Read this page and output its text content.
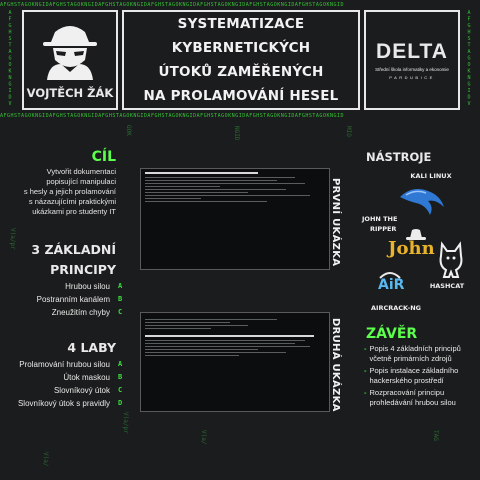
AFGHSTAGOKNGIDAFGHSTAGOKNGIDAFGHSTAGOKNGIDAFGHSTAGOKNGIDAFGHSTAGOKNGIDAFGHSTAGOKNGIDAFGHSTAGOKNGID
AFGHSTAGOKNGIDAFGHSTAGOKNGIDAFGHSTAGOKNGIDAFGHSTAGOKNGIDAFGHSTAGOKNGIDAFGHSTAGOKNGIDAFGHSTAGOKNGID
AFGHSTAGOKNGIDV	AFGHSTAGOKNGIDV
GOK
V(a/pr
MIO
NGID
V(a/
TAG
V(a/
V(a/pr
VOJTĚCH ŽÁK
SYSTEMATIZACE KYBERNETICKÝCH
ÚTOKŮ ZAMĚŘENÝCH
NA PROLAMOVÁNÍ HESEL
DELTA
Střední škola informatiky a ekonomie
PARDUBICE
CÍL
Vytvořit dokumentaci
popisující manipulaci
s hesly a jejich prolamování
s názazujícími praktickými
ukázkami pro studenty IT
3 ZÁKLADNÍ
PRINCIPY
Hrubou silou A
Postranním kanálem B
Zneužitím chyby C
4 LABY
Prolamování hrubou silou A
Útok maskou B
Slovníkový útok C
Slovníkový útok s pravidly D
PRVNÍ UKÁZKA
DRUHÁ UKÁZKA
NÁSTROJE
KALI LINUX
JOHN THE
RIPPER
John
HASHCAT
AiR
AIRCRACK-NG
ZÁVĚR
- Popis 4 základních principů
včetně primárních zdrojů
- Popis instalace základního
hackerského prostředí
- Rozpracování principu
prohledávání hrubou silou
